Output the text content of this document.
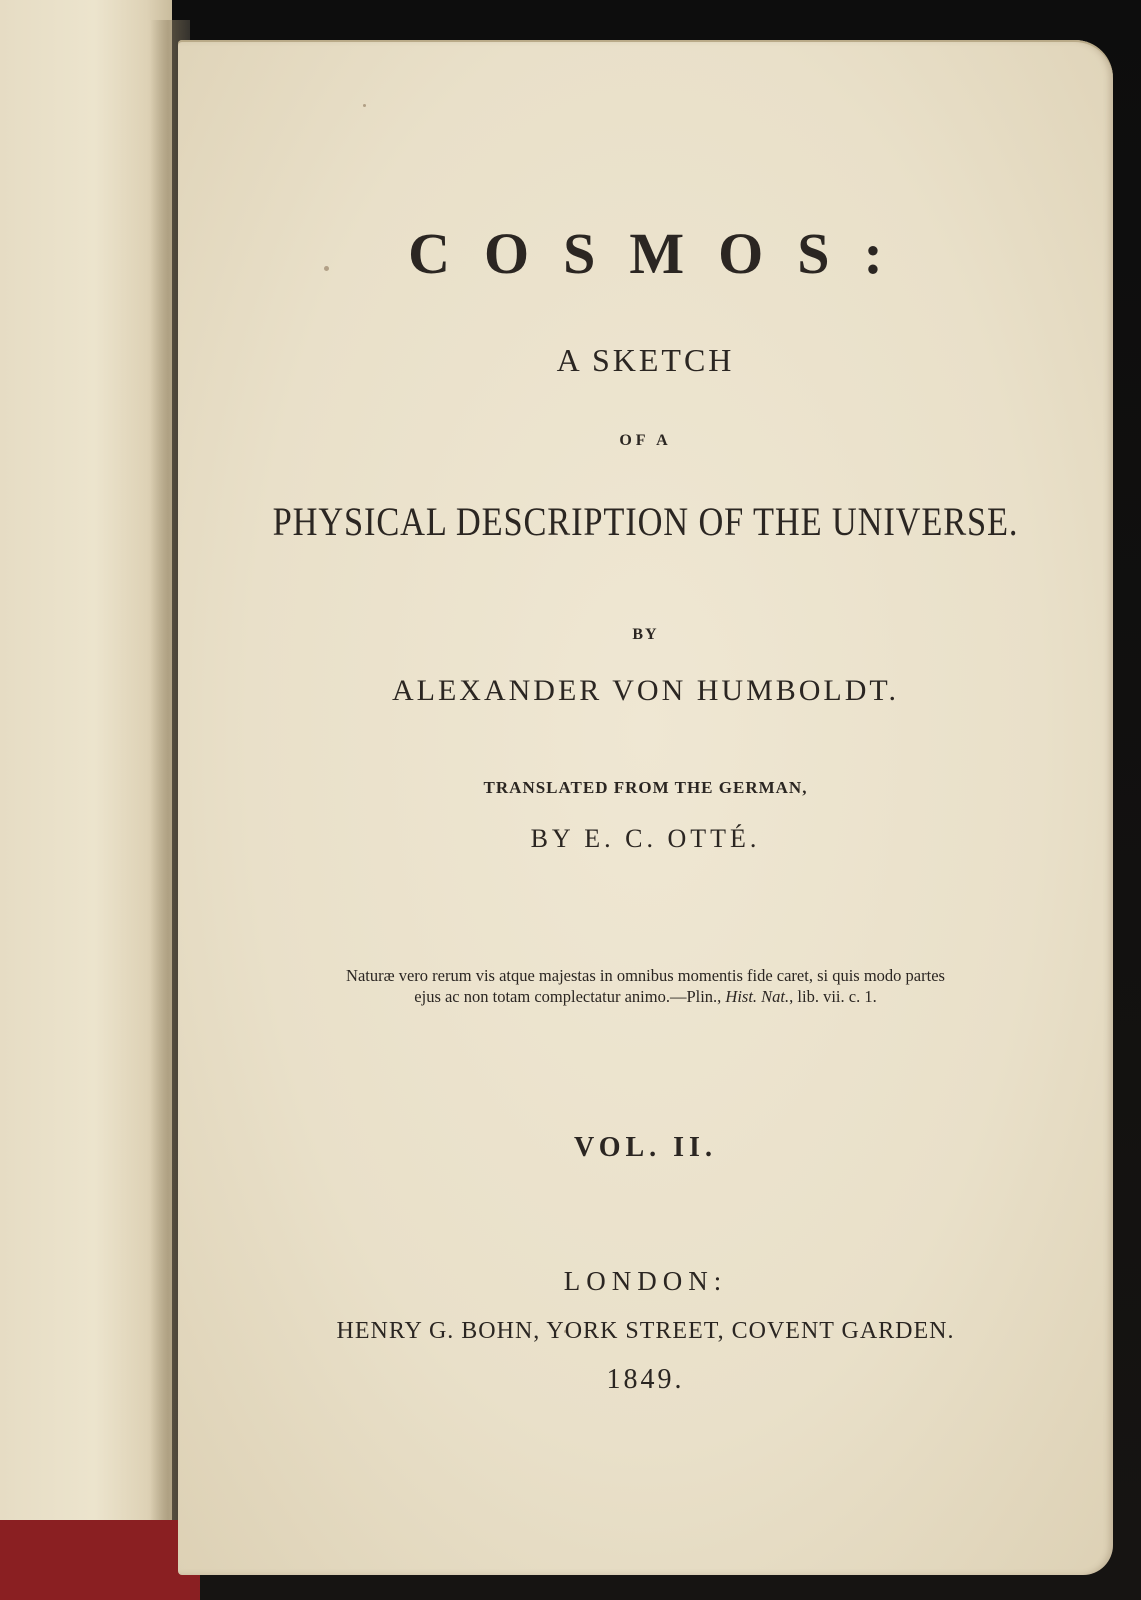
COSMOS:
A SKETCH
OF A
PHYSICAL DESCRIPTION OF THE UNIVERSE.
BY
ALEXANDER VON HUMBOLDT.
TRANSLATED FROM THE GERMAN,
BY E. C. OTTÉ.
Naturæ vero rerum vis atque majestas in omnibus momentis fide caret, si quis modo partes
ejus ac non totam complectatur animo.—Plin., Hist. Nat., lib. vii. c. 1.
VOL. II.
LONDON:
HENRY G. BOHN, YORK STREET, COVENT GARDEN.
1849.
